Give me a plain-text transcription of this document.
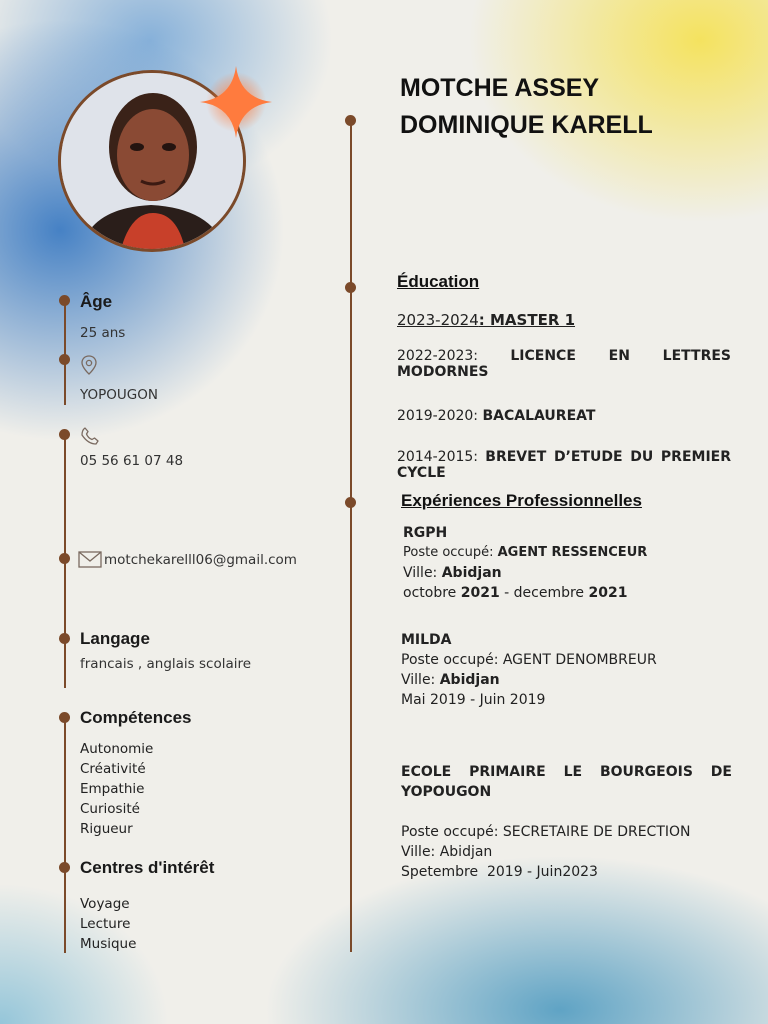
MOTCHE ASSEY
DOMINIQUE KARELL
Âge
25 ans
YOPOUGON
05 56 61 07 48
motchekarelll06@gmail.com
Langage
francais , anglais scolaire
Compétences
Autonomie
Créativité
Empathie
Curiosité
Rigueur
Centres d'intérêt
Voyage
Lecture
Musique
Éducation
2023-2024: MASTER 1
2022-2023: LICENCE EN LETTRES MODORNES
2019-2020: BACALAUREAT
2014-2015: BREVET D’ETUDE DU PREMIER CYCLE
Expériences Professionnelles
RGPH
Poste occupé: AGENT RESSENCEUR
Ville: Abidjan
octobre 2021 - decembre 2021
MILDA
Poste occupé: AGENT DENOMBREUR
Ville: Abidjan
Mai 2019 - Juin 2019
ECOLE PRIMAIRE LE BOURGEOIS DE YOPOUGON
Poste occupé: SECRETAIRE DE DRECTION
Ville: Abidjan
Spetembre  2019 - Juin2023
